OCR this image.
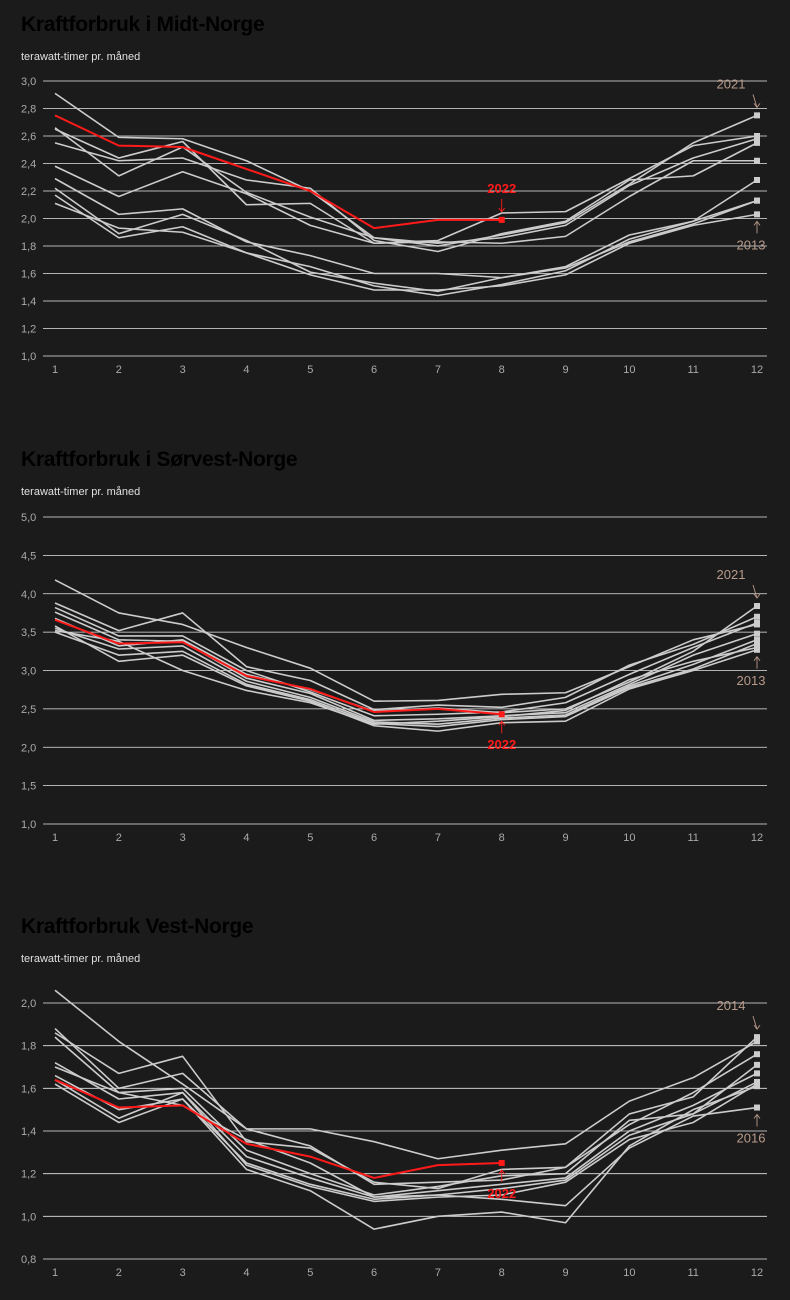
Kraftforbruk i Midt-Norge
terawatt-timer pr. måned
1,0
1,2
1,4
1,6
1,8
2,0
2,2
2,4
2,6
2,8
3,0
1	2	3	4	5	6	7	8	9	10	11	12
2021
2013
2022
Kraftforbruk i Sørvest-Norge
terawatt-timer pr. måned
1,0
1,5
2,0
2,5
3,0
3,5
4,0
4,5
5,0
1	2	3	4	5	6	7	8	9	10	11	12
2021
2013
2022
Kraftforbruk Vest-Norge
terawatt-timer pr. måned
0,8
1,0
1,2
1,4
1,6
1,8
2,0
1	2	3	4	5	6	7	8	9	10	11	12
2014
2016
2022
